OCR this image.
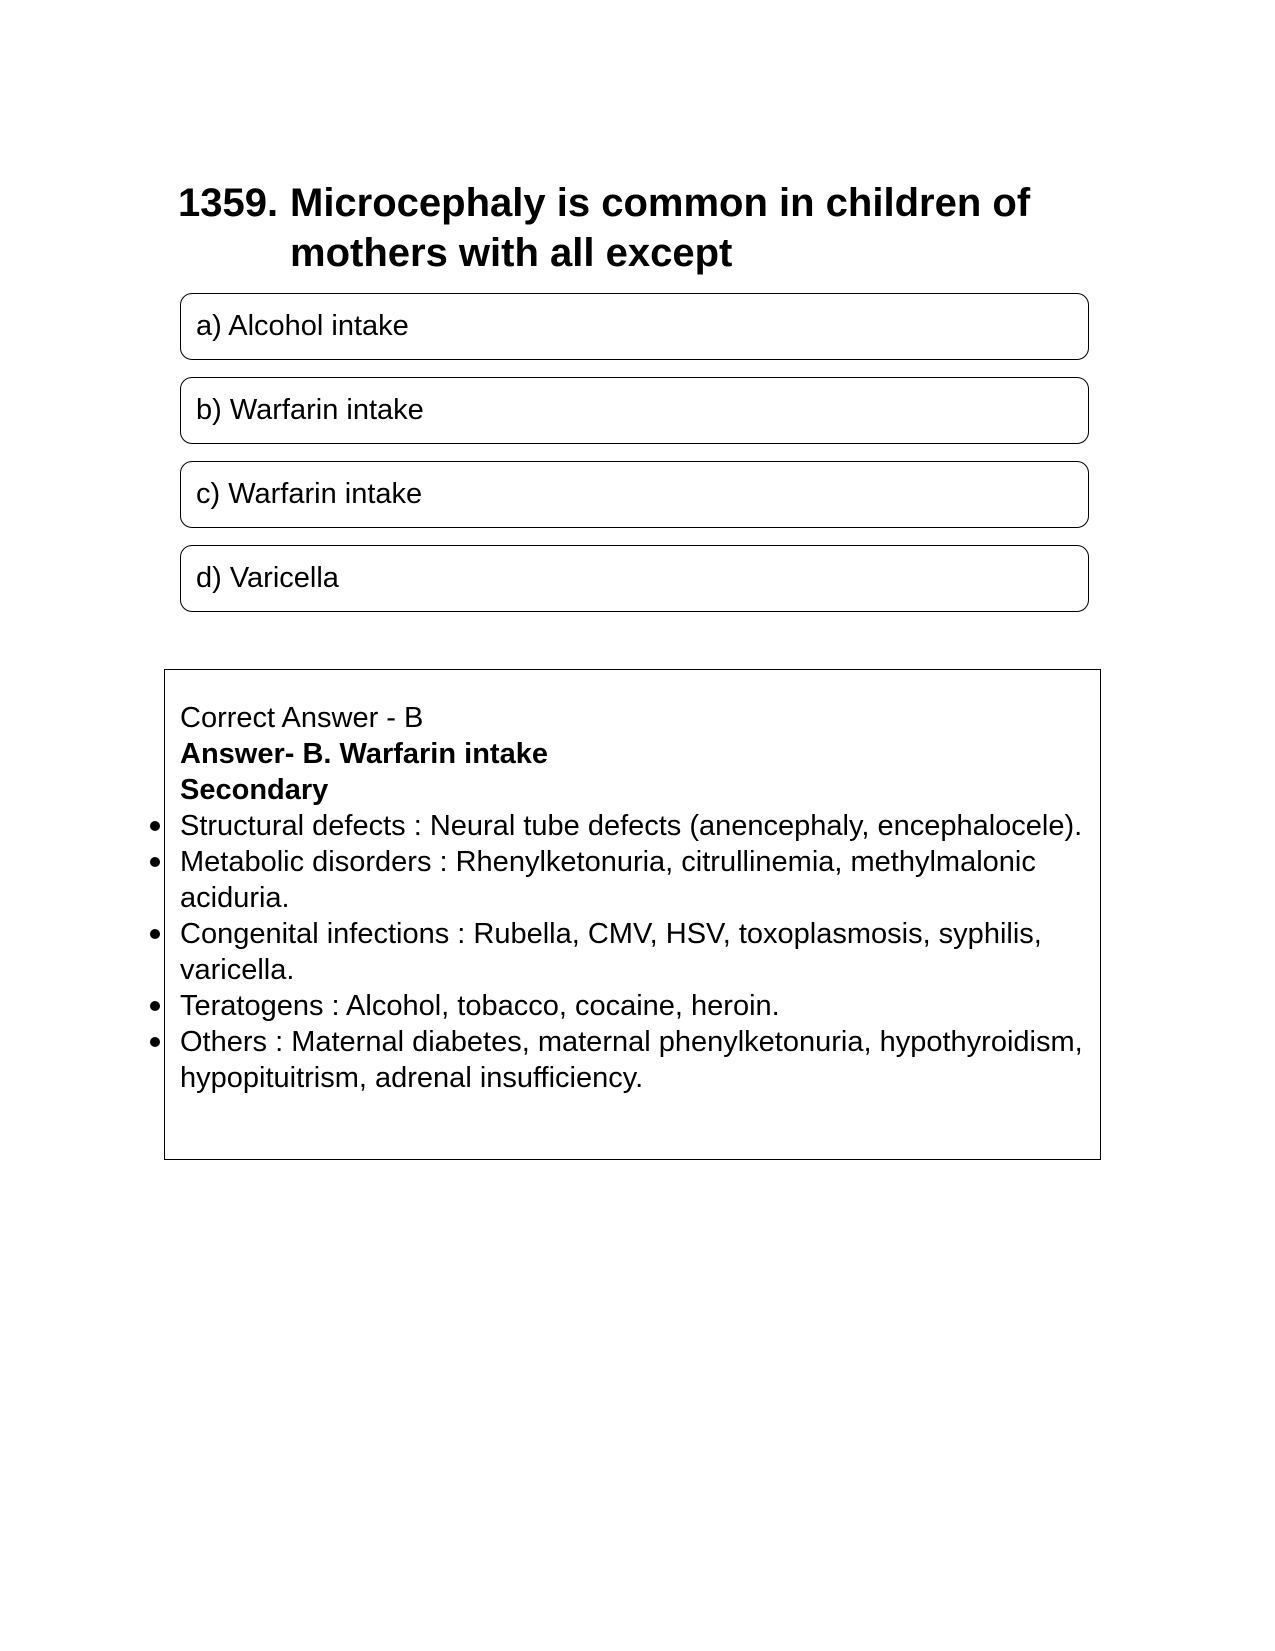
1359. Microcephaly is common in children of mothers with all except
a) Alcohol intake
b) Warfarin intake
c) Warfarin intake
d) Varicella
Correct Answer - B
Answer- B. Warfarin intake
Secondary
Structural defects : Neural tube defects (anencephaly, encephalocele).
Metabolic disorders : Rhenylketonuria, citrullinemia, methylmalonic aciduria.
Congenital infections : Rubella, CMV, HSV, toxoplasmosis, syphilis, varicella.
Teratogens : Alcohol, tobacco, cocaine, heroin.
Others : Maternal diabetes, maternal phenylketonuria, hypothyroidism, hypopituitrism, adrenal insufficiency.
